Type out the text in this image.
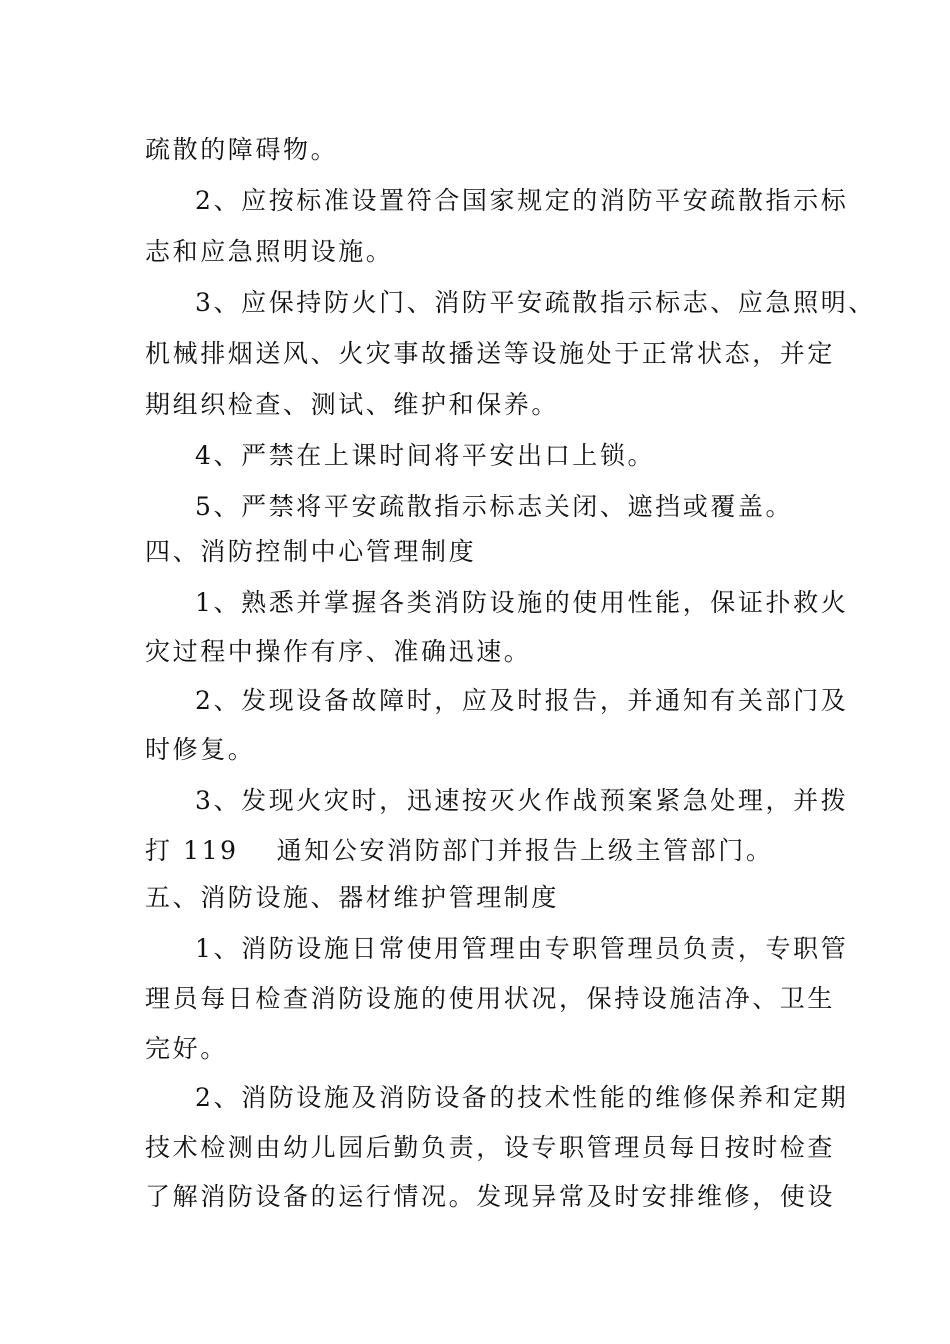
疏散的障碍物。

2、应按标准设置符合国家规定的消防平安疏散指示标

志和应急照明设施。

3、应保持防火门、消防平安疏散指示标志、应急照明、

机械排烟送风、火灾事故播送等设施处于正常状态，并定

期组织检查、测试、维护和保养。

4、严禁在上课时间将平安出口上锁。

5、严禁将平安疏散指示标志关闭、遮挡或覆盖。

四、消防控制中心管理制度

1、熟悉并掌握各类消防设施的使用性能，保证扑救火

灾过程中操作有序、准确迅速。

2、发现设备故障时，应及时报告，并通知有关部门及

时修复。

3、发现火灾时，迅速按灭火作战预案紧急处理，并拨

打 119 通知公安消防部门并报告上级主管部门。

五、消防设施、器材维护管理制度

1、消防设施日常使用管理由专职管理员负责，专职管

理员每日检查消防设施的使用状况，保持设施洁净、卫生

完好。

2、消防设施及消防设备的技术性能的维修保养和定期

技术检测由幼儿园后勤负责，设专职管理员每日按时检查

了解消防设备的运行情况。发现异常及时安排维修，使设
